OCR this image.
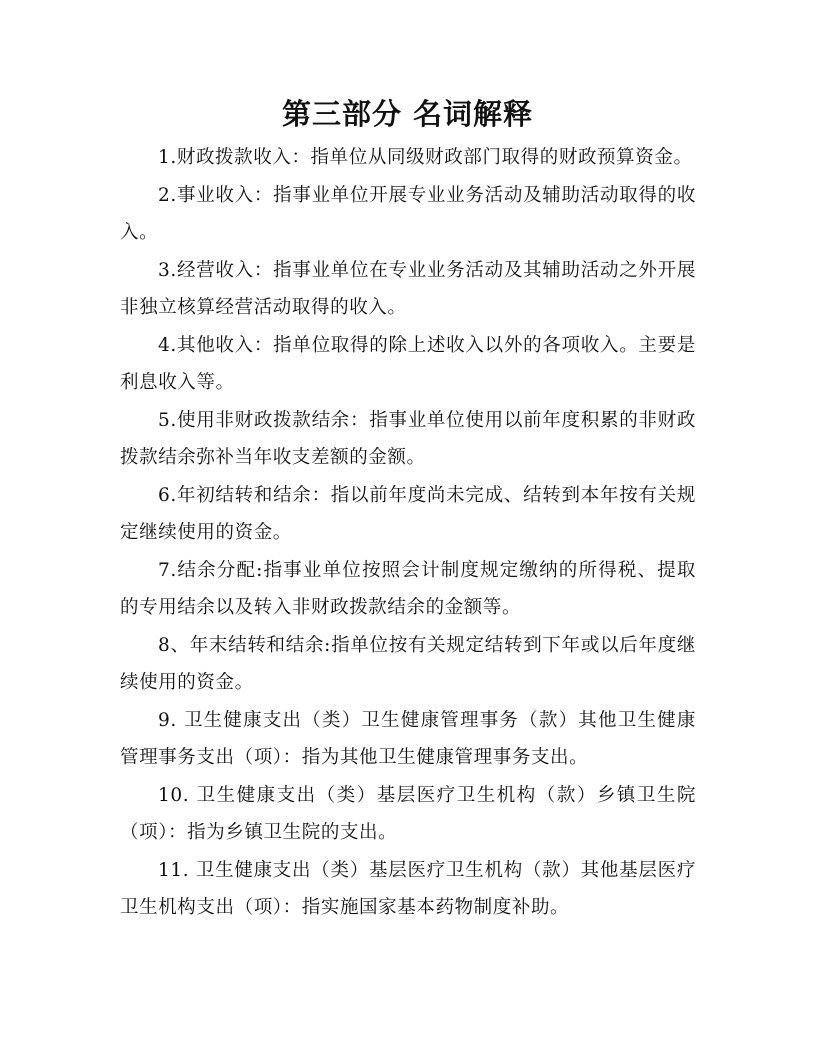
第三部分 名词解释

1.财政拨款收入：指单位从同级财政部门取得的财政预算资金。

2.事业收入：指事业单位开展专业业务活动及辅助活动取得的收入。

3.经营收入：指事业单位在专业业务活动及其辅助活动之外开展非独立核算经营活动取得的收入。

4.其他收入：指单位取得的除上述收入以外的各项收入。主要是利息收入等。

5.使用非财政拨款结余：指事业单位使用以前年度积累的非财政拨款结余弥补当年收支差额的金额。

6.年初结转和结余：指以前年度尚未完成、结转到本年按有关规定继续使用的资金。

7.结余分配:指事业单位按照会计制度规定缴纳的所得税、提取的专用结余以及转入非财政拨款结余的金额等。

8、年末结转和结余:指单位按有关规定结转到下年或以后年度继续使用的资金。

9. 卫生健康支出（类）卫生健康管理事务（款）其他卫生健康管理事务支出（项）：指为其他卫生健康管理事务支出。

10. 卫生健康支出（类）基层医疗卫生机构（款）乡镇卫生院（项）：指为乡镇卫生院的支出。

11. 卫生健康支出（类）基层医疗卫生机构（款）其他基层医疗卫生机构支出（项）：指实施国家基本药物制度补助。
